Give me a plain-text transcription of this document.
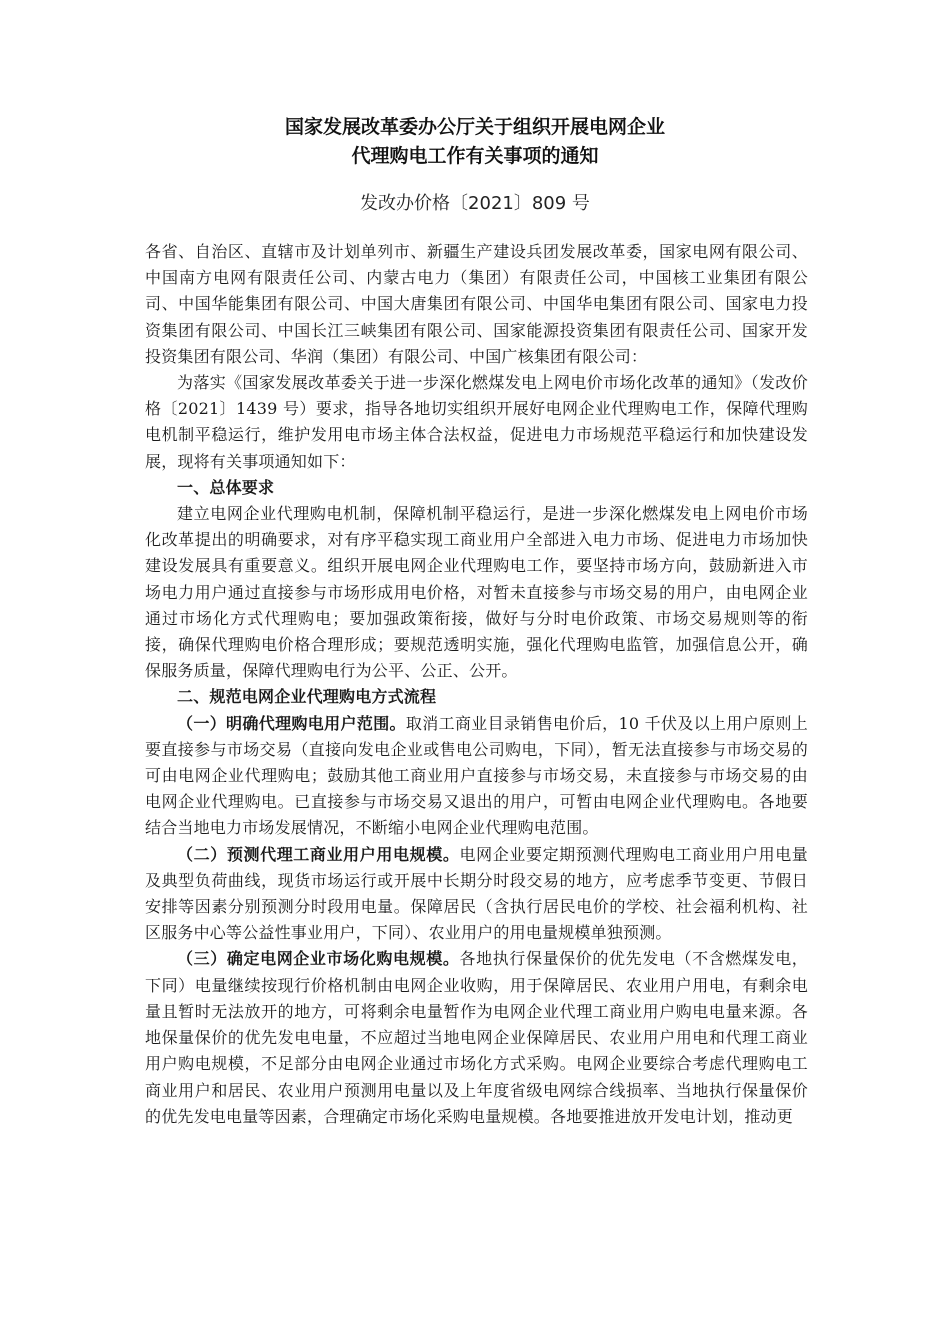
国家发展改革委办公厅关于组织开展电网企业
代理购电工作有关事项的通知
发改办价格〔2021〕809 号

各省、自治区、直辖市及计划单列市、新疆生产建设兵团发展改革委，国家电网有限公司、中国南方电网有限责任公司、内蒙古电力（集团）有限责任公司，中国核工业集团有限公司、中国华能集团有限公司、中国大唐集团有限公司、中国华电集团有限公司、国家电力投资集团有限公司、中国长江三峡集团有限公司、国家能源投资集团有限责任公司、国家开发投资集团有限公司、华润（集团）有限公司、中国广核集团有限公司：

为落实《国家发展改革委关于进一步深化燃煤发电上网电价市场化改革的通知》（发改价格〔2021〕1439 号）要求，指导各地切实组织开展好电网企业代理购电工作，保障代理购电机制平稳运行，维护发用电市场主体合法权益，促进电力市场规范平稳运行和加快建设发展，现将有关事项通知如下：

一、总体要求

建立电网企业代理购电机制，保障机制平稳运行，是进一步深化燃煤发电上网电价市场化改革提出的明确要求，对有序平稳实现工商业用户全部进入电力市场、促进电力市场加快建设发展具有重要意义。组织开展电网企业代理购电工作，要坚持市场方向，鼓励新进入市场电力用户通过直接参与市场形成用电价格，对暂未直接参与市场交易的用户，由电网企业通过市场化方式代理购电；要加强政策衔接，做好与分时电价政策、市场交易规则等的衔接，确保代理购电价格合理形成；要规范透明实施，强化代理购电监管，加强信息公开，确保服务质量，保障代理购电行为公平、公正、公开。

二、规范电网企业代理购电方式流程

（一）明确代理购电用户范围。取消工商业目录销售电价后，10 千伏及以上用户原则上要直接参与市场交易（直接向发电企业或售电公司购电，下同），暂无法直接参与市场交易的可由电网企业代理购电；鼓励其他工商业用户直接参与市场交易，未直接参与市场交易的由电网企业代理购电。已直接参与市场交易又退出的用户，可暂由电网企业代理购电。各地要结合当地电力市场发展情况，不断缩小电网企业代理购电范围。

（二）预测代理工商业用户用电规模。电网企业要定期预测代理购电工商业用户用电量及典型负荷曲线，现货市场运行或开展中长期分时段交易的地方，应考虑季节变更、节假日安排等因素分别预测分时段用电量。保障居民（含执行居民电价的学校、社会福利机构、社区服务中心等公益性事业用户，下同）、农业用户的用电量规模单独预测。

（三）确定电网企业市场化购电规模。各地执行保量保价的优先发电（不含燃煤发电，下同）电量继续按现行价格机制由电网企业收购，用于保障居民、农业用户用电，有剩余电量且暂时无法放开的地方，可将剩余电量暂作为电网企业代理工商业用户购电电量来源。各地保量保价的优先发电电量，不应超过当地电网企业保障居民、农业用户用电和代理工商业用户购电规模，不足部分由电网企业通过市场化方式采购。电网企业要综合考虑代理购电工商业用户和居民、农业用户预测用电量以及上年度省级电网综合线损率、当地执行保量保价的优先发电电量等因素，合理确定市场化采购电量规模。各地要推进放开发电计划，推动更
